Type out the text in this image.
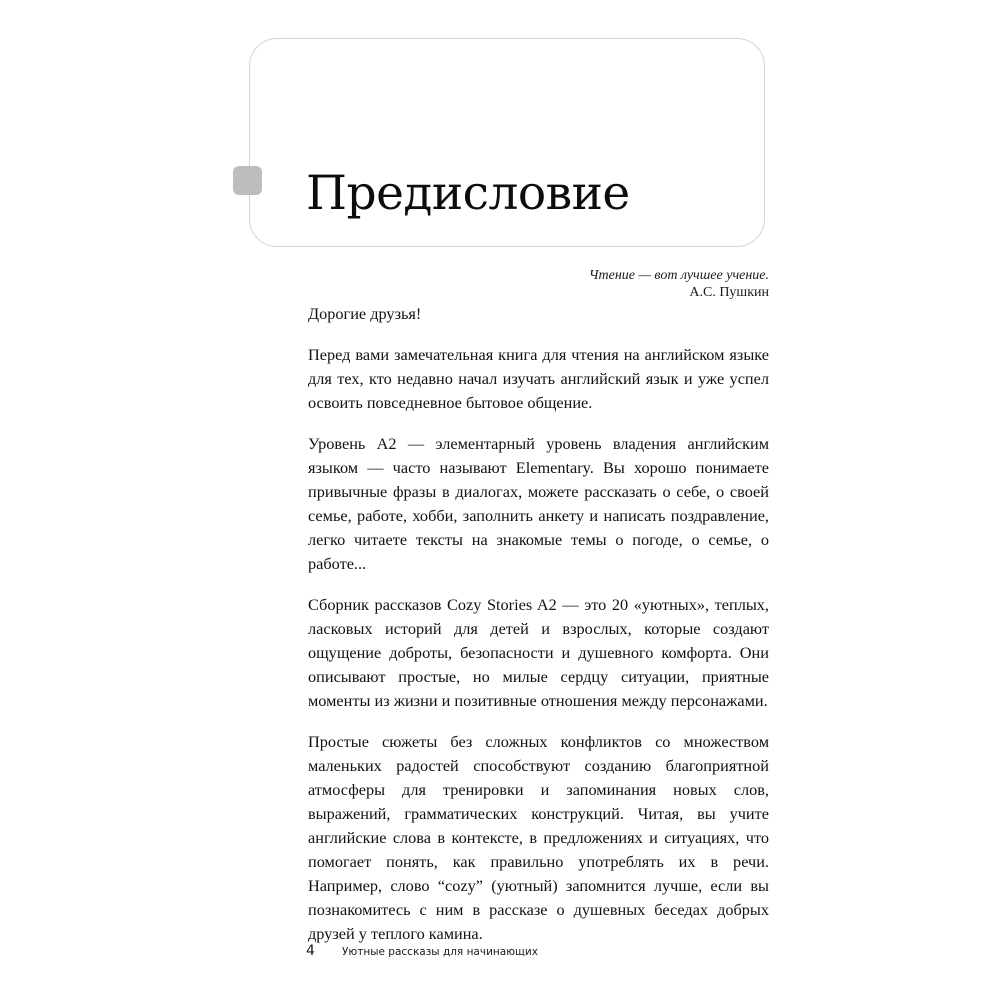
Предисловие
Чтение — вот лучшее учение.
А.С. Пушкин

Дорогие друзья!

Перед вами замечательная книга для чтения на английском языке для тех, кто недавно начал изучать английский язык и уже успел освоить повседневное бытовое общение.

Уровень А2 — элементарный уровень владения английским языком — часто называют Elementary. Вы хорошо понимаете привычные фразы в диалогах, можете рассказать о себе, о своей семье, работе, хобби, заполнить анкету и написать поздравление, легко читаете тексты на знакомые темы о погоде, о семье, о работе...

Сборник рассказов Cozy Stories A2 — это 20 «уютных», теплых, ласковых историй для детей и взрослых, которые создают ощущение доброты, безопасности и душевного комфорта. Они описывают простые, но милые сердцу ситуации, приятные моменты из жизни и позитивные отношения между персонажами.

Простые сюжеты без сложных конфликтов со множеством маленьких радостей способствуют созданию благоприятной атмосферы для тренировки и запоминания новых слов, выражений, грамматических конструкций. Читая, вы учите английские слова в контексте, в предложениях и ситуациях, что помогает понять, как правильно употреблять их в речи. Например, слово “cozy” (уютный) запомнится лучше, если вы познакомитесь с ним в рассказе о душевных беседах добрых друзей у теплого камина.

4	Уютные рассказы для начинающих
